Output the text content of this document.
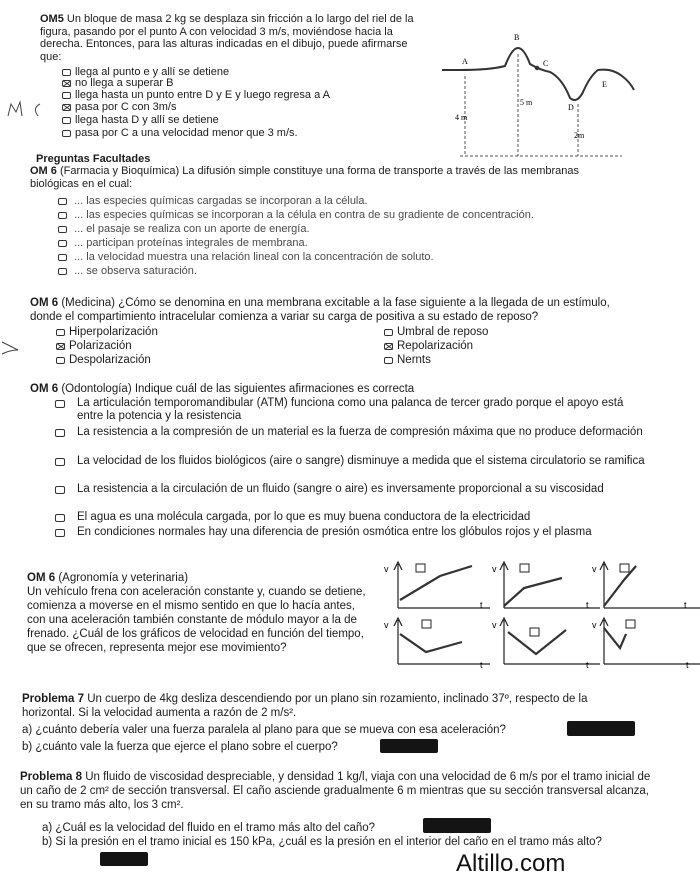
OM5 Un bloque de masa 2 kg se desplaza sin fricción a lo largo del riel de la figura, pasando por el punto A con velocidad 3 m/s, moviéndose hacia la derecha. Entonces, para las alturas indicadas en el dibujo, puede afirmarse que:
llega al punto e y allí se detiene
no llega a superar B
llega hasta un punto entre D y E y luego regresa a A
pasa por C con 3m/s
llega hasta D y allí se detiene
pasa por C a una velocidad menor que 3 m/s.
A
B
C
D
E
4 m
5 m
2m
Preguntas Facultades
OM 6 (Farmacia y Bioquímica) La difusión simple constituye una forma de transporte a través de las membranas biológicas en el cual:
... las especies químicas cargadas se incorporan a la célula.
... las especies químicas se incorporan a la célula en contra de su gradiente de concentración.
... el pasaje se realiza con un aporte de energía.
... participan proteínas integrales de membrana.
... la velocidad muestra una relación lineal con la concentración de soluto.
... se observa saturación.
OM 6 (Medicina) ¿Cómo se denomina en una membrana excitable a la fase siguiente a la llegada de un estímulo, donde el compartimiento intracelular comienza a variar su carga de positiva a su estado de reposo?
Hiperpolarización
Polarización
Despolarización
Umbral de reposo
Repolarización
Nernts
OM 6 (Odontología) Indique cuál de las siguientes afirmaciones es correcta
La articulación temporomandibular (ATM) funciona como una palanca de tercer grado porque el apoyo está entre la potencia y la resistencia
La resistencia a la compresión de un material es la fuerza de compresión máxima que no produce deformación
La velocidad de los fluidos biológicos (aire o sangre) disminuye a medida que el sistema circulatorio se ramifica
La resistencia a la circulación de un fluido (sangre o aire) es inversamente proporcional a su viscosidad
El agua es una molécula cargada, por lo que es muy buena conductora de la electricidad
En condiciones normales hay una diferencia de presión osmótica entre los glóbulos rojos y el plasma
OM 6 (Agronomía y veterinaria)
Un vehículo frena con aceleración constante y, cuando se detiene, comienza a moverse en el mismo sentido en que lo hacía antes, con una aceleración también constante de módulo mayor a la de frenado. ¿Cuál de los gráficos de velocidad en función del tiempo, que se ofrecen, representa mejor ese movimiento?
v
t
v
t
v
t
v
t
v
t
v
t
Problema 7 Un cuerpo de 4kg desliza descendiendo por un plano sin rozamiento, inclinado 37º, respecto de la horizontal. Si la velocidad aumenta a razón de 2 m/s².
a) ¿cuánto debería valer una fuerza paralela al plano para que se mueva con esa aceleración?
b) ¿cuánto vale la fuerza que ejerce el plano sobre el cuerpo?
Problema 8 Un fluido de viscosidad despreciable, y densidad 1 kg/l, viaja con una velocidad de 6 m/s por el tramo inicial de un caño de 2 cm² de sección transversal. El caño asciende gradualmente 6 m mientras que su sección transversal alcanza, en su tramo más alto, los 3 cm².
a) ¿Cuál es la velocidad del fluido en el tramo más alto del caño?
b) Si la presión en el tramo inicial es 150 kPa, ¿cuál es la presión en el interior del caño en el tramo más alto?
Altillo.com
